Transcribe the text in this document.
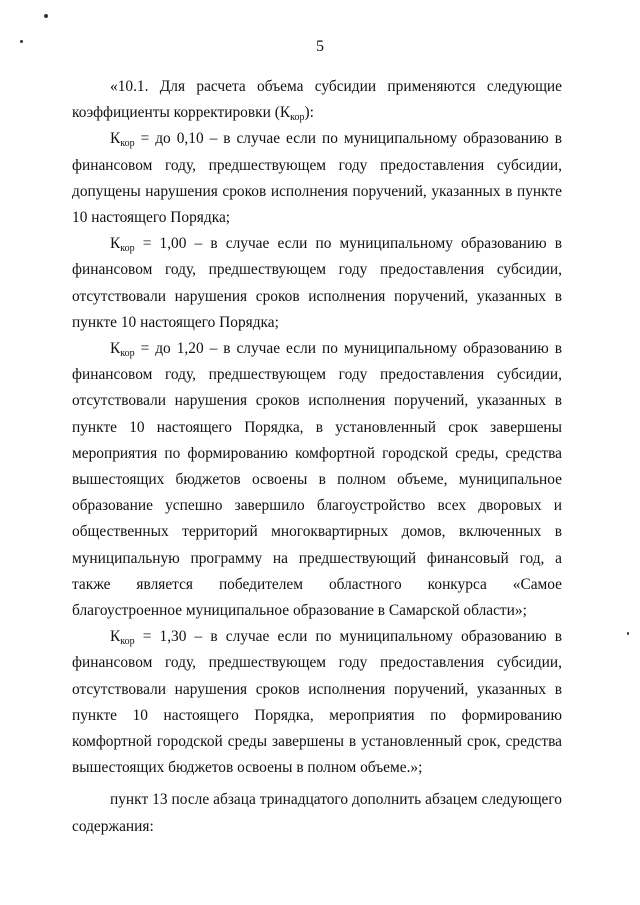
5

«10.1. Для расчета объема субсидии применяются следующие коэффициенты корректировки $(К_{кор})$:

$К_{кор}$ = до 0,10 – в случае если по муниципальному образованию в финансовом году, предшествующем году предоставления субсидии, допущены нарушения сроков исполнения поручений, указанных в пункте 10 настоящего Порядка;

$К_{кор} = 1,00 - в$ случае если по муниципальному образованию в финансовом году, предшествующем году предоставления субсидии, отсутствовали нарушения сроков исполнения поручений, указанных в пункте 10 настоящего Порядка;

$К_{кор}$ = до 1,20 – в случае если по муниципальному образованию в финансовом году, предшествующем году предоставления субсидии, отсутствовали нарушения сроков исполнения поручений, указанных в пункте 10 настоящего Порядка, в установленный срок завершены мероприятия по формированию комфортной городской среды, средства вышестоящих бюджетов освоены в полном объеме, муниципальное образование успешно завершило благоустройство всех дворовых и общественных территорий многоквартирных домов, включенных в муниципальную программу на предшествующий финансовый год, а также является победителем областного конкурса «Самое благоустроенное муниципальное образование в Самарской области»;

$К_{кор} = 1,30 - в$ случае если по муниципальному образованию в финансовом году, предшествующем году предоставления субсидии, отсутствовали нарушения сроков исполнения поручений, указанных в пункте 10 настоящего Порядка, мероприятия по формированию комфортной городской среды завершены в установленный срок, средства вышестоящих бюджетов освоены в полном объеме.»;

пункт 13 после абзаца тринадцатого дополнить абзацем следующего содержания:
